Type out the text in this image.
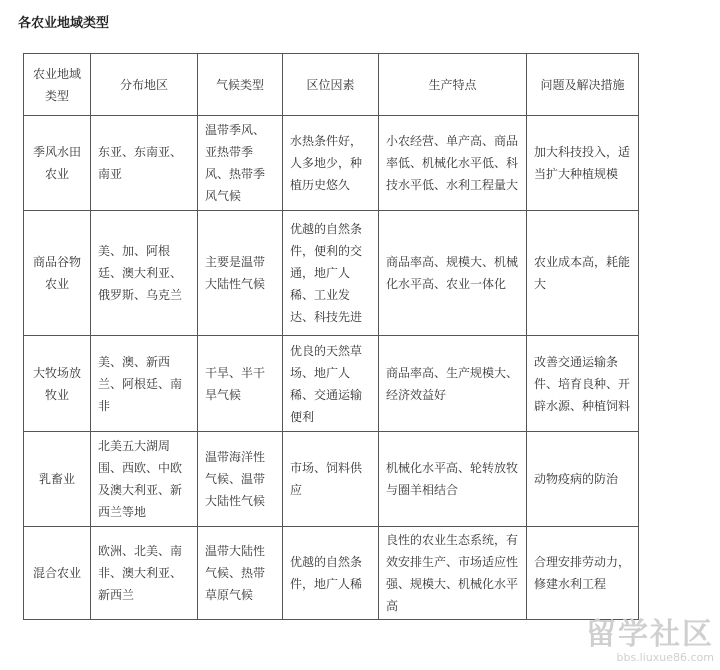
各农业地域类型
农业地域类型	分布地区	气候类型	区位因素	生产特点	问题及解决措施
季风水田农业	东亚、东南亚、南亚	温带季风、亚热带季风、热带季风气候	水热条件好，人多地少，种植历史悠久	小农经营、单产高、商品率低、机械化水平低、科技水平低、水利工程量大	加大科技投入，适当扩大种植规模
商品谷物农业	美、加、阿根廷、澳大利亚、俄罗斯、乌克兰	主要是温带大陆性气候	优越的自然条件，便利的交通，地广人稀、工业发达、科技先进	商品率高、规模大、机械化水平高、农业一体化	农业成本高，耗能大
大牧场放牧业	美、澳、新西兰、阿根廷、南非	干旱、半干旱气候	优良的天然草场、地广人稀、交通运输便利	商品率高、生产规模大、经济效益好	改善交通运输条件、培育良种、开辟水源、种植饲料
乳畜业	北美五大湖周围、西欧、中欧及澳大利亚、新西兰等地	温带海洋性气候、温带大陆性气候	市场、饲料供应	机械化水平高、轮转放牧与圈羊相结合	动物疫病的防治
混合农业	欧洲、北美、南非、澳大利亚、新西兰	温带大陆性气候、热带草原气候	优越的自然条件，地广人稀	良性的农业生态系统，有效安排生产、市场适应性强、规模大、机械化水平高	合理安排劳动力，修建水利工程
留学社区
bbs.liuxue86.com
